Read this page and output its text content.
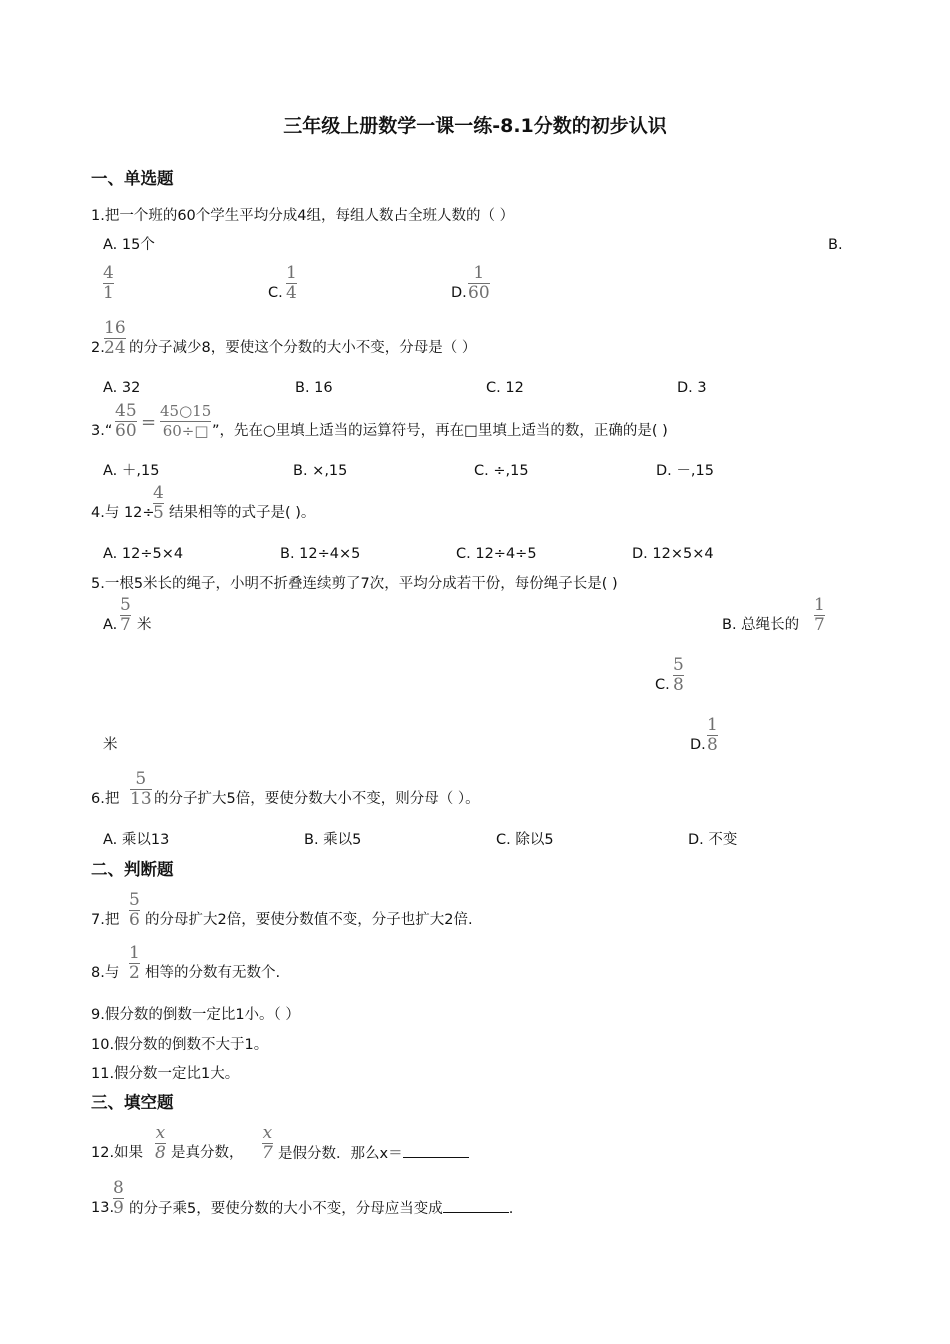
三年级上册数学一课一练-8.1分数的初步认识
一、单选题
1.把一个班的60个学生平均分成4组，每组人数占全班人数的（ ）
A. 15个	B.
4
1	C.
1
4	D.
1
60
2.
16
24 的分子减少8，要使这个分数的大小不变，分母是（ ）
A. 32	B. 16	C. 12	D. 3
3.“
45
60 =
45○15
60÷□ ”，先在○里填上适当的运算符号，再在□里填上适当的数，正确的是( )
A. ＋,15	B. ×,15	C. ÷,15	D. －,15
4.与 12÷
4
5 结果相等的式子是( )。
A. 12÷5×4	B. 12÷4×5	C. 12÷4÷5	D. 12×5×4
5.一根5米长的绳子，小明不折叠连续剪了7次，平均分成若干份，每份绳子长是( )
A.
5
7 米	B. 总绳长的
1
7
C.
5
8
米	D.
1
8
6.把
5
13 的分子扩大5倍，要使分数大小不变，则分母（ ）。
A. 乘以13	B. 乘以5	C. 除以5	D. 不变
二、判断题
7.把
5
6 的分母扩大2倍，要使分数值不变，分子也扩大2倍.
8.与
1
2 相等的分数有无数个.
9.假分数的倒数一定比1小。（ ）
10.假分数的倒数不大于1。
11.假分数一定比1大。
三、填空题
12.如果
x
8 是真分数，
x
7 是假分数．那么x＝
13.
8
9 的分子乘5，要使分数的大小不变，分母应当变成	.
